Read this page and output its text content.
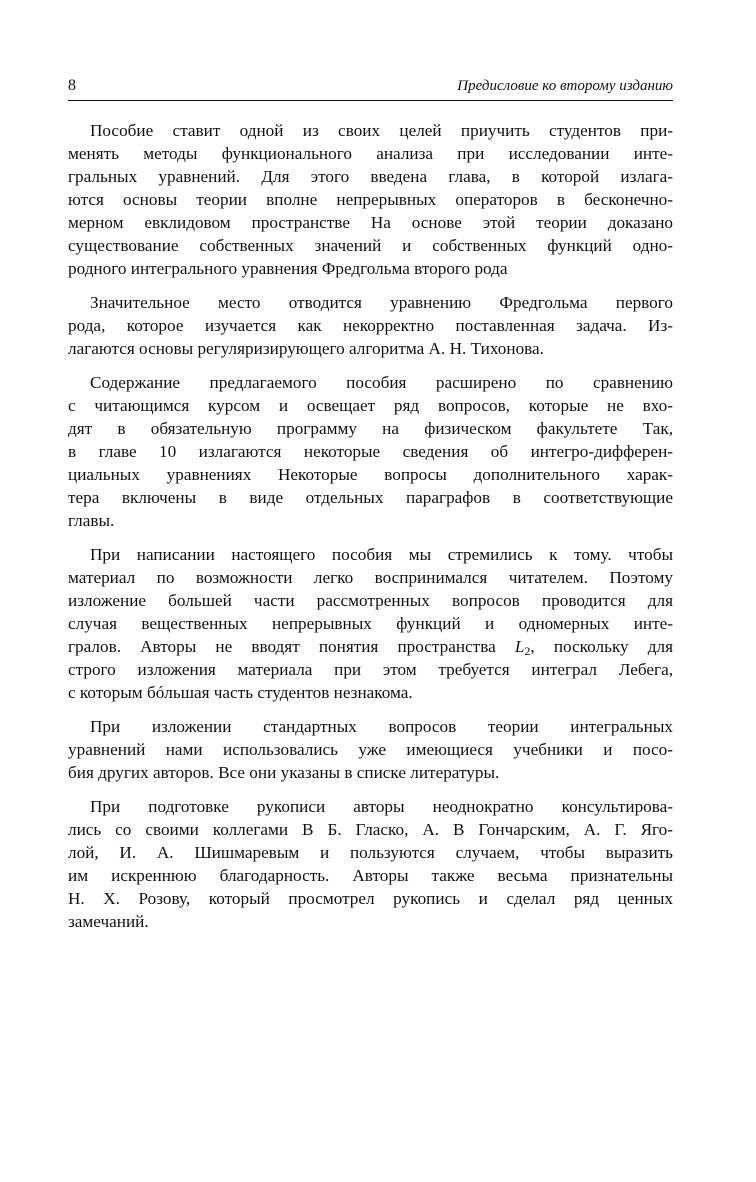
8	Предисловие ко второму изданию
Пособие ставит одной из своих целей приучить студентов при-
менять методы функционального анализа при исследовании инте-
гральных уравнений. Для этого введена глава, в которой излага-
ются основы теории вполне непрерывных операторов в бесконечно-
мерном евклидовом пространстве На основе этой теории доказано
существование собственных значений и собственных функций одно-
родного интегрального уравнения Фредгольма второго рода
Значительное место отводится уравнению Фредгольма первого
рода, которое изучается как некорректно поставленная задача. Из-
лагаются основы регуляризирующего алгоритма А. Н. Тихонова.
Содержание предлагаемого пособия расширено по сравнению
с читающимся курсом и освещает ряд вопросов, которые не вхо-
дят в обязательную программу на физическом факультете Так,
в главе 10 излагаются некоторые сведения об интегро-дифферен-
циальных уравнениях Некоторые вопросы дополнительного харак-
тера включены в виде отдельных параграфов в соответствующие
главы.
При написании настоящего пособия мы стремились к тому. чтобы
материал по возможности легко воспринимался читателем. Поэтому
изложение большей части рассмотренных вопросов проводится для
случая вещественных непрерывных функций и одномерных инте-
гралов. Авторы не вводят понятия пространства L2, поскольку для
строго изложения материала при этом требуется интеграл Лебега,
с которым бóльшая часть студентов незнакома.
При изложении стандартных вопросов теории интегральных
уравнений нами использовались уже имеющиеся учебники и посо-
бия других авторов. Все они указаны в списке литературы.
При подготовке рукописи авторы неоднократно консультирова-
лись со своими коллегами В Б. Гласко, А. В Гончарским, А. Г. Яго-
лой, И. А. Шишмаревым и пользуются случаем, чтобы выразить
им искреннюю благодарность. Авторы также весьма признательны
Н. Х. Розову, который просмотрел рукопись и сделал ряд ценных
замечаний.
